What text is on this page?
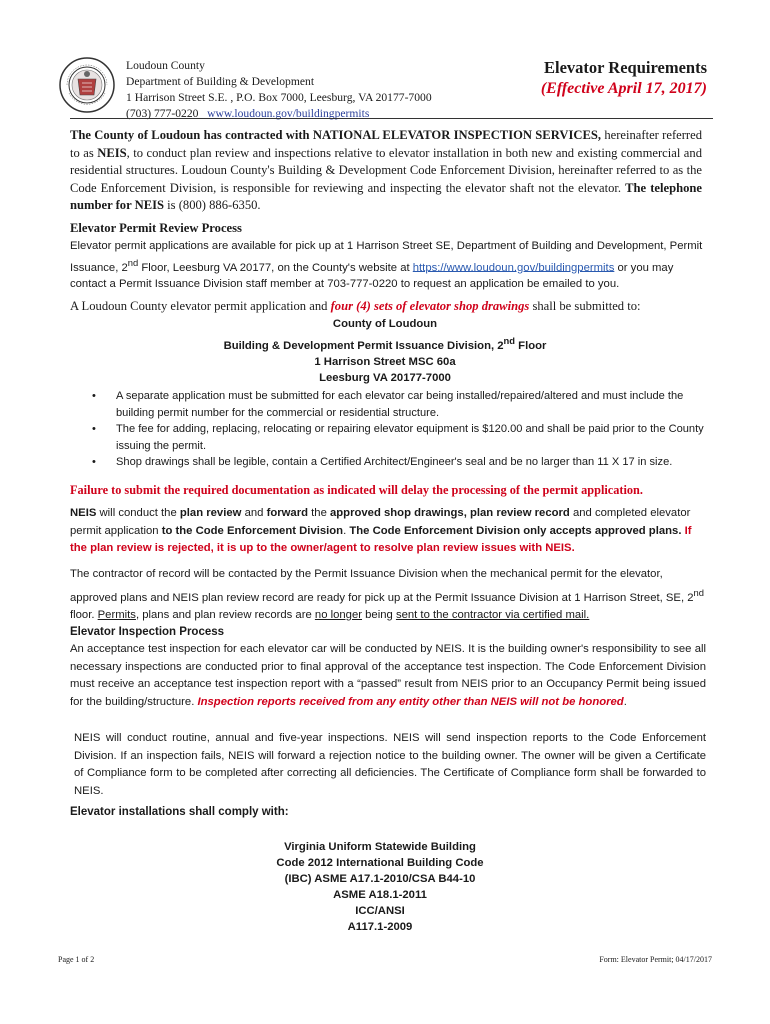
Loudoun County
Department of Building & Development
1 Harrison Street S.E. , P.O. Box 7000, Leesburg, VA 20177-7000
(703) 777-0220 www.loudoun.gov/buildingpermits
Elevator Requirements
(Effective April 17, 2017)
The County of Loudoun has contracted with NATIONAL ELEVATOR INSPECTION SERVICES, hereinafter referred to as NEIS, to conduct plan review and inspections relative to elevator installation in both new and existing commercial and residential structures. Loudoun County's Building & Development Code Enforcement Division, hereinafter referred to as the Code Enforcement Division, is responsible for reviewing and inspecting the elevator shaft not the elevator. The telephone number for NEIS is (800) 886-6350.
Elevator Permit Review Process
Elevator permit applications are available for pick up at 1 Harrison Street SE, Department of Building and Development, Permit Issuance, 2nd Floor, Leesburg VA 20177, on the County's website at https://www.loudoun.gov/buildingpermits or you may contact a Permit Issuance Division staff member at 703-777-0220 to request an application be emailed to you.
A Loudoun County elevator permit application and four (4) sets of elevator shop drawings shall be submitted to:
County of Loudoun
Building & Development Permit Issuance Division, 2nd Floor
1 Harrison Street MSC 60a
Leesburg VA 20177-7000
• A separate application must be submitted for each elevator car being installed/repaired/altered and must include the building permit number for the commercial or residential structure.
• The fee for adding, replacing, relocating or repairing elevator equipment is $120.00 and shall be paid prior to the County issuing the permit.
• Shop drawings shall be legible, contain a Certified Architect/Engineer's seal and be no larger than 11 X 17 in size.
Failure to submit the required documentation as indicated will delay the processing of the permit application.
NEIS will conduct the plan review and forward the approved shop drawings, plan review record and completed elevator permit application to the Code Enforcement Division. The Code Enforcement Division only accepts approved plans. If the plan review is rejected, it is up to the owner/agent to resolve plan review issues with NEIS.
The contractor of record will be contacted by the Permit Issuance Division when the mechanical permit for the elevator, approved plans and NEIS plan review record are ready for pick up at the Permit Issuance Division at 1 Harrison Street, SE, 2nd floor. Permits, plans and plan review records are no longer being sent to the contractor via certified mail.
Elevator Inspection Process
An acceptance test inspection for each elevator car will be conducted by NEIS. It is the building owner's responsibility to see all necessary inspections are conducted prior to final approval of the acceptance test inspection. The Code Enforcement Division must receive an acceptance test inspection report with a “passed” result from NEIS prior to an Occupancy Permit being issued for the building/structure. Inspection reports received from any entity other than NEIS will not be honored.
NEIS will conduct routine, annual and five-year inspections. NEIS will send inspection reports to the Code Enforcement Division. If an inspection fails, NEIS will forward a rejection notice to the building owner. The owner will be given a Certificate of Compliance form to be completed after correcting all deficiencies. The Certificate of Compliance form shall be forwarded to NEIS.
Elevator installations shall comply with:
Virginia Uniform Statewide Building
Code 2012 International Building Code
(IBC) ASME A17.1-2010/CSA B44-10
ASME A18.1-2011
ICC/ANSI
A117.1-2009
Page 1 of 2	Form: Elevator Permit; 04/17/2017
